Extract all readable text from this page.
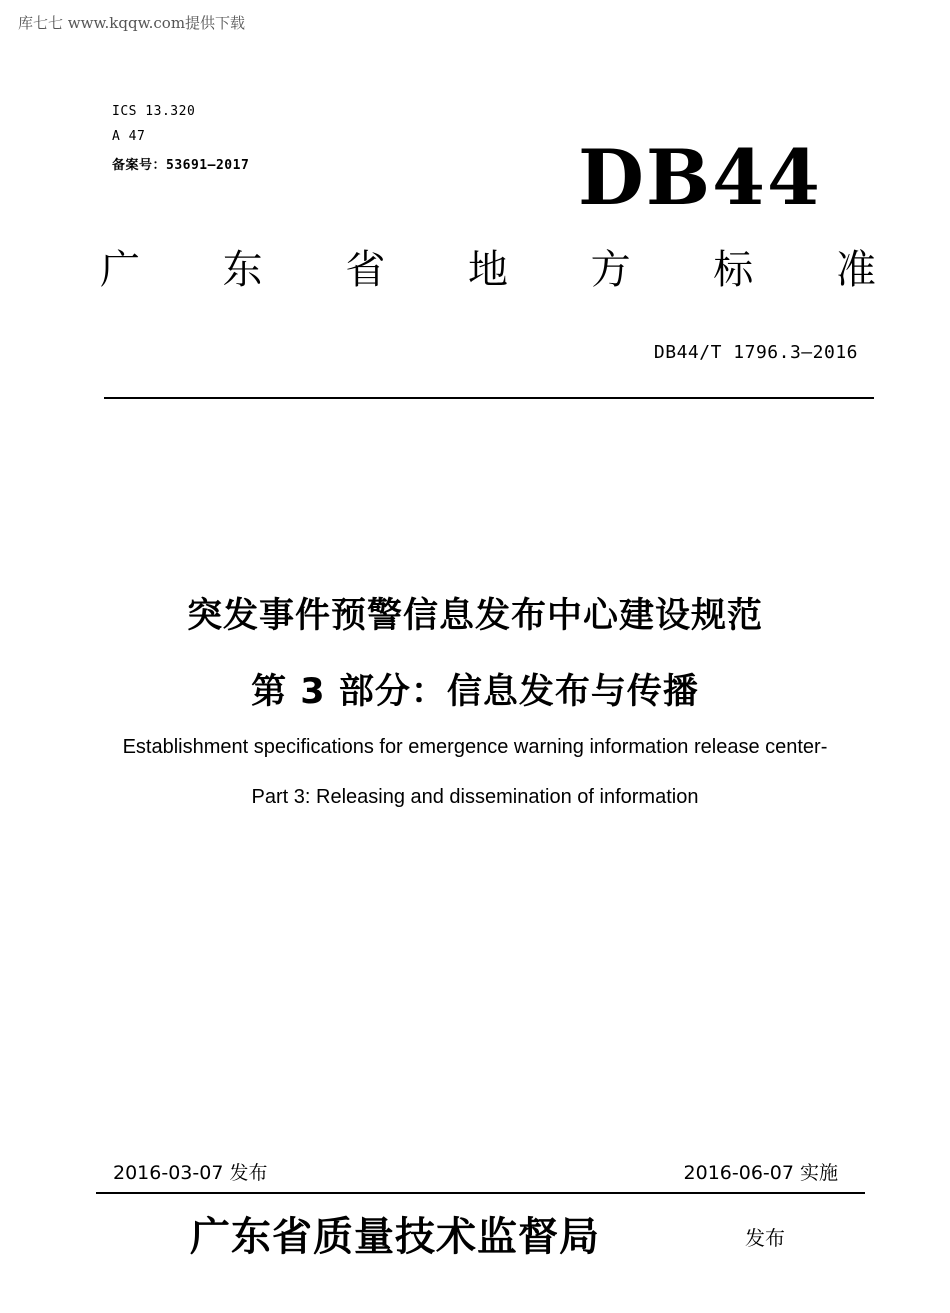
库七七 www.kqqw.com提供下载
ICS 13.320
A 47
备案号：53691—2017	DB44
广 东 省 地 方 标 准
DB44/T 1796.3—2016
突发事件预警信息发布中心建设规范
第 3 部分：信息发布与传播
Establishment specifications for emergence warning information release center-
Part 3: Releasing and dissemination of information
2016-03-07 发布	2016-06-07 实施
广东省质量技术监督局	发布
